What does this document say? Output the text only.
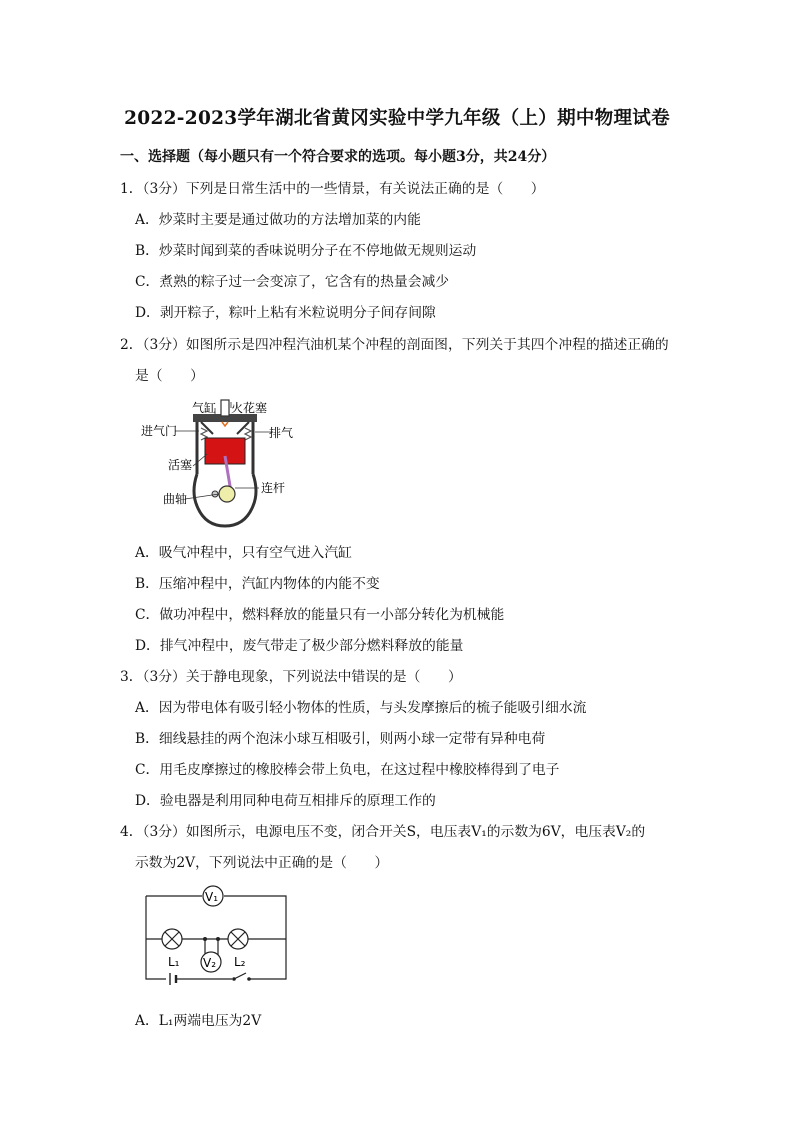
2022-2023学年湖北省黄冈实验中学九年级（上）期中物理试卷
一、选择题（每小题只有一个符合要求的选项。每小题3分，共24分）
1．（3分）下列是日常生活中的一些情景，有关说法正确的是（　　）
A．炒菜时主要是通过做功的方法增加菜的内能
B．炒菜时闻到菜的香味说明分子在不停地做无规则运动
C．煮熟的粽子过一会变凉了，它含有的热量会减少
D．剥开粽子，粽叶上粘有米粒说明分子间存间隙
2．（3分）如图所示是四冲程汽油机某个冲程的剖面图，下列关于其四个冲程的描述正确的
是（　　）
气缸 火花塞
进气门	排气
活塞
连杆
曲轴
A．吸气冲程中，只有空气进入汽缸
B．压缩冲程中，汽缸内物体的内能不变
C．做功冲程中，燃料释放的能量只有一小部分转化为机械能
D．排气冲程中，废气带走了极少部分燃料释放的能量
3．（3分）关于静电现象，下列说法中错误的是（　　）
A．因为带电体有吸引轻小物体的性质，与头发摩擦后的梳子能吸引细水流
B．细线悬挂的两个泡沫小球互相吸引，则两小球一定带有异种电荷
C．用毛皮摩擦过的橡胶棒会带上负电，在这过程中橡胶棒得到了电子
D．验电器是利用同种电荷互相排斥的原理工作的
4．（3分）如图所示，电源电压不变，闭合开关S，电压表V₁的示数为6V，电压表V₂的
示数为2V，下列说法中正确的是（　　）
V₁
V₂
L₁	L₂
A．L₁两端电压为2V
